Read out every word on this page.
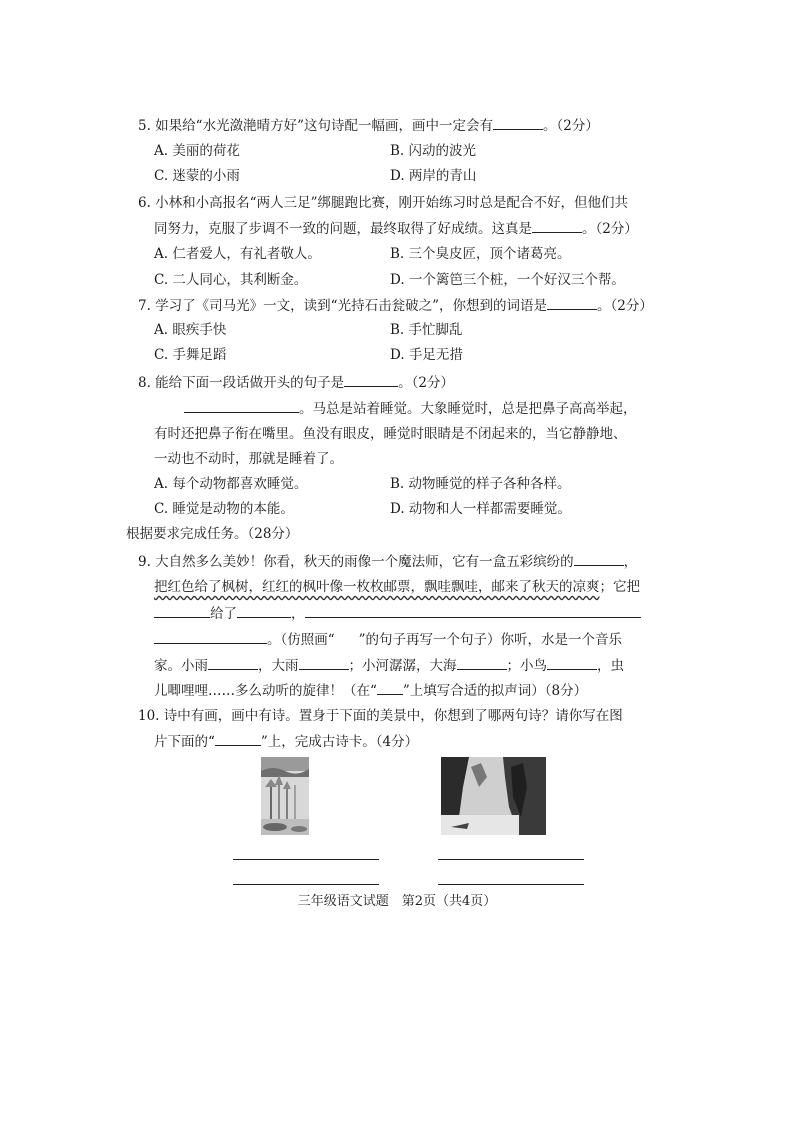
5. 如果给“水光潋滟晴方好”这句诗配一幅画，画中一定会有	。（2分）
A. 美丽的荷花	B. 闪动的波光
C. 迷蒙的小雨	D. 两岸的青山
6. 小林和小高报名“两人三足”绑腿跑比赛，刚开始练习时总是配合不好，但他们共
同努力，克服了步调不一致的问题，最终取得了好成绩。这真是	。（2分）
A. 仁者爱人，有礼者敬人。	B. 三个臭皮匠，顶个诸葛亮。
C. 二人同心，其利断金。	D. 一个篱笆三个桩，一个好汉三个帮。
7. 学习了《司马光》一文，读到“光持石击瓮破之”，你想到的词语是	。（2分）
A. 眼疾手快	B. 手忙脚乱
C. 手舞足蹈	D. 手足无措
8. 能给下面一段话做开头的句子是	。（2分）
。马总是站着睡觉。大象睡觉时，总是把鼻子高高举起，
有时还把鼻子衔在嘴里。鱼没有眼皮，睡觉时眼睛是不闭起来的，当它静静地、
一动也不动时，那就是睡着了。
A. 每个动物都喜欢睡觉。	B. 动物睡觉的样子各种各样。
C. 睡觉是动物的本能。	D. 动物和人一样都需要睡觉。
根据要求完成任务。（28分）
9. 大自然多么美妙！你看，秋天的雨像一个魔法师，它有一盒五彩缤纷的	，
把红色给了枫树，红红的枫叶像一枚枚邮票，飘哇飘哇，邮来了秋天的凉爽；它把
给了	，
。（仿照画“ ”的句子再写一个句子）你听，水是一个音乐
家。小雨	，大雨	；小河潺潺，大海	；小鸟	，虫
儿唧哩哩……多么动听的旋律！（在“ ”上填写合适的拟声词）（8分）
10. 诗中有画，画中有诗。置身于下面的美景中，你想到了哪两句诗？请你写在图
片下面的“	”上，完成古诗卡。（4分）
三年级语文试题　第2页（共4页）
